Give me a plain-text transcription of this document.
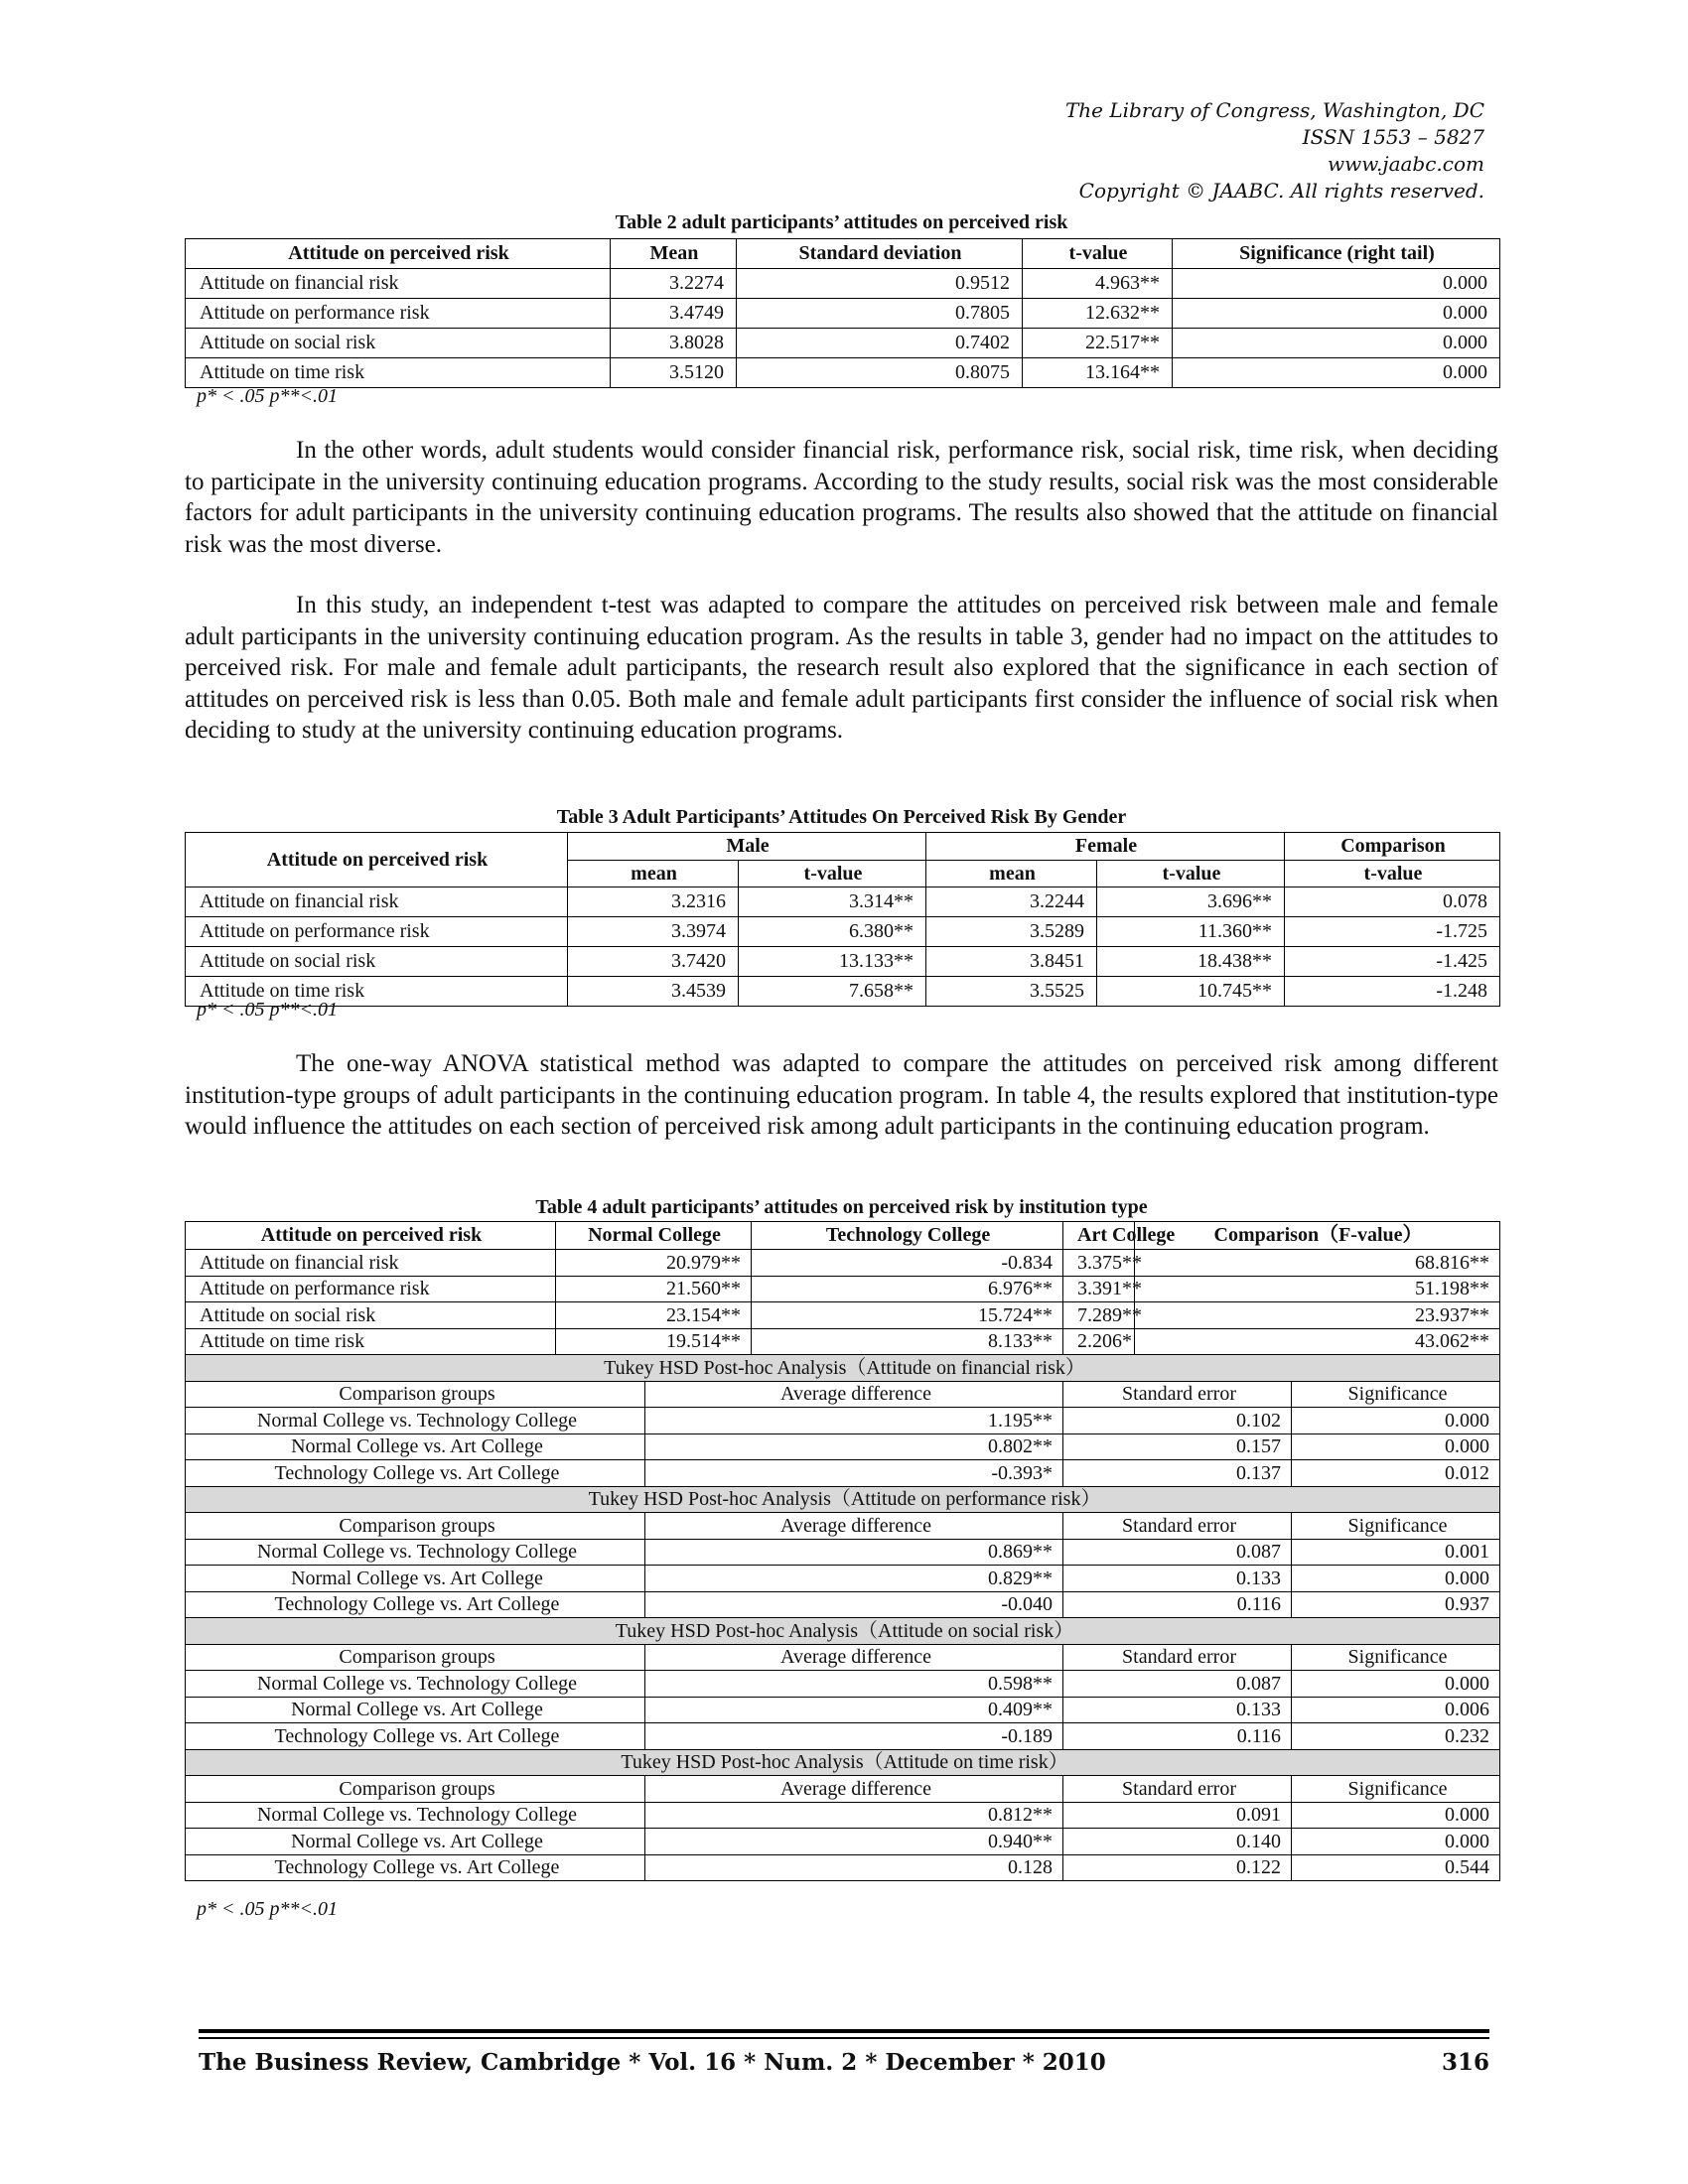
The Library of Congress, Washington, DC
ISSN 1553 – 5827
www.jaabc.com
Copyright © JAABC. All rights reserved.
Table 2 adult participants’ attitudes on perceived risk
Attitude on perceived risk	Mean	Standard deviation	t-value	Significance (right tail)
Attitude on financial risk	3.2274	0.9512	4.963**	0.000
Attitude on performance risk	3.4749	0.7805	12.632**	0.000
Attitude on social risk	3.8028	0.7402	22.517**	0.000
Attitude on time risk	3.5120	0.8075	13.164**	0.000
p* < .05 p**<.01
In the other words, adult students would consider financial risk, performance risk, social risk, time risk, when deciding to participate in the university continuing education programs. According to the study results, social risk was the most considerable factors for adult participants in the university continuing education programs. The results also showed that the attitude on financial risk was the most diverse.
In this study, an independent t-test was adapted to compare the attitudes on perceived risk between male and female adult participants in the university continuing education program. As the results in table 3, gender had no impact on the attitudes to perceived risk. For male and female adult participants, the research result also explored that the significance in each section of attitudes on perceived risk is less than 0.05. Both male and female adult participants first consider the influence of social risk when deciding to study at the university continuing education programs.
Table 3 Adult Participants’ Attitudes On Perceived Risk By Gender
Attitude on perceived risk	Male		Female		Comparison
	mean	t-value	mean	t-value	t-value
Attitude on financial risk	3.2316	3.314**	3.2244	3.696**	0.078
Attitude on performance risk	3.3974	6.380**	3.5289	11.360**	-1.725
Attitude on social risk	3.7420	13.133**	3.8451	18.438**	-1.425
Attitude on time risk	3.4539	7.658**	3.5525	10.745**	-1.248
p* < .05 p**<.01
The one-way ANOVA statistical method was adapted to compare the attitudes on perceived risk among different institution-type groups of adult participants in the continuing education program. In table 4, the results explored that institution-type would influence the attitudes on each section of perceived risk among adult participants in the continuing education program.
Table 4 adult participants’ attitudes on perceived risk by institution type
Attitude on perceived risk	Normal College		Technology College	Art College	Comparison（F-value）	
Attitude on financial risk	20.979**		-0.834	3.375**	68.816**	
Attitude on performance risk	21.560**		6.976**	3.391**	51.198**	
Attitude on social risk	23.154**		15.724**	7.289**	23.937**	
Attitude on time risk	19.514**		8.133**	2.206*	43.062**	
Tukey HSD Post-hoc Analysis（Attitude on financial risk）						
Comparison groups		Average difference		Standard error		Significance
Normal College vs. Technology College		1.195**		0.102		0.000
Normal College vs. Art College		0.802**		0.157		0.000
Technology College vs. Art College		-0.393*		0.137		0.012
Tukey HSD Post-hoc Analysis（Attitude on performance risk）						
Comparison groups		Average difference		Standard error		Significance
Normal College vs. Technology College		0.869**		0.087		0.001
Normal College vs. Art College		0.829**		0.133		0.000
Technology College vs. Art College		-0.040		0.116		0.937
Tukey HSD Post-hoc Analysis（Attitude on social risk）						
Comparison groups		Average difference		Standard error		Significance
Normal College vs. Technology College		0.598**		0.087		0.000
Normal College vs. Art College		0.409**		0.133		0.006
Technology College vs. Art College		-0.189		0.116		0.232
Tukey HSD Post-hoc Analysis（Attitude on time risk）						
Comparison groups		Average difference		Standard error		Significance
Normal College vs. Technology College		0.812**		0.091		0.000
Normal College vs. Art College		0.940**		0.140		0.000
Technology College vs. Art College		0.128		0.122		0.544
p* < .05 p**<.01
The Business Review, Cambridge * Vol. 16 * Num. 2 * December * 2010	316
